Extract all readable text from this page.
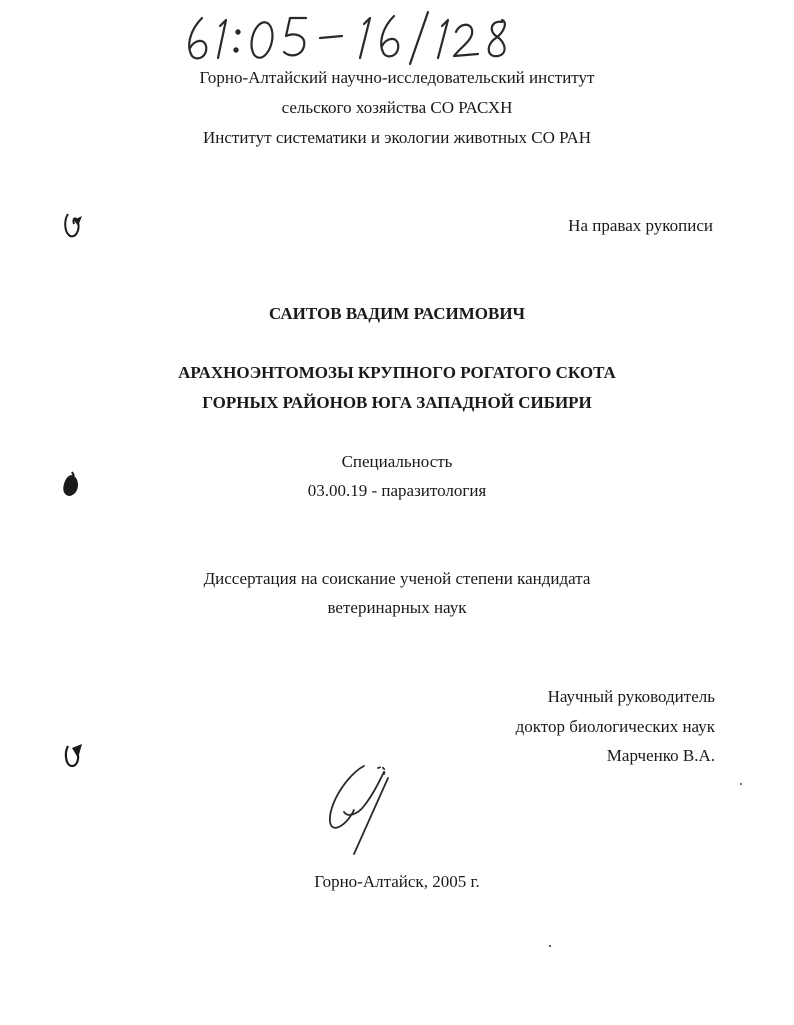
Горно-Алтайский научно-исследовательский институт
сельского хозяйства СО РАСХН
Институт систематики и экологии животных СО РАН
На правах рукописи
САИТОВ ВАДИМ РАСИМОВИЧ
АРАХНОЭНТОМОЗЫ КРУПНОГО РОГАТОГО СКОТА
ГОРНЫХ РАЙОНОВ ЮГА ЗАПАДНОЙ СИБИРИ
Специальность
03.00.19 - паразитология
Диссертация на соискание ученой степени кандидата
ветеринарных наук
Научный руководитель
доктор биологических наук
Марченко В.А.
Горно-Алтайск, 2005 г.
